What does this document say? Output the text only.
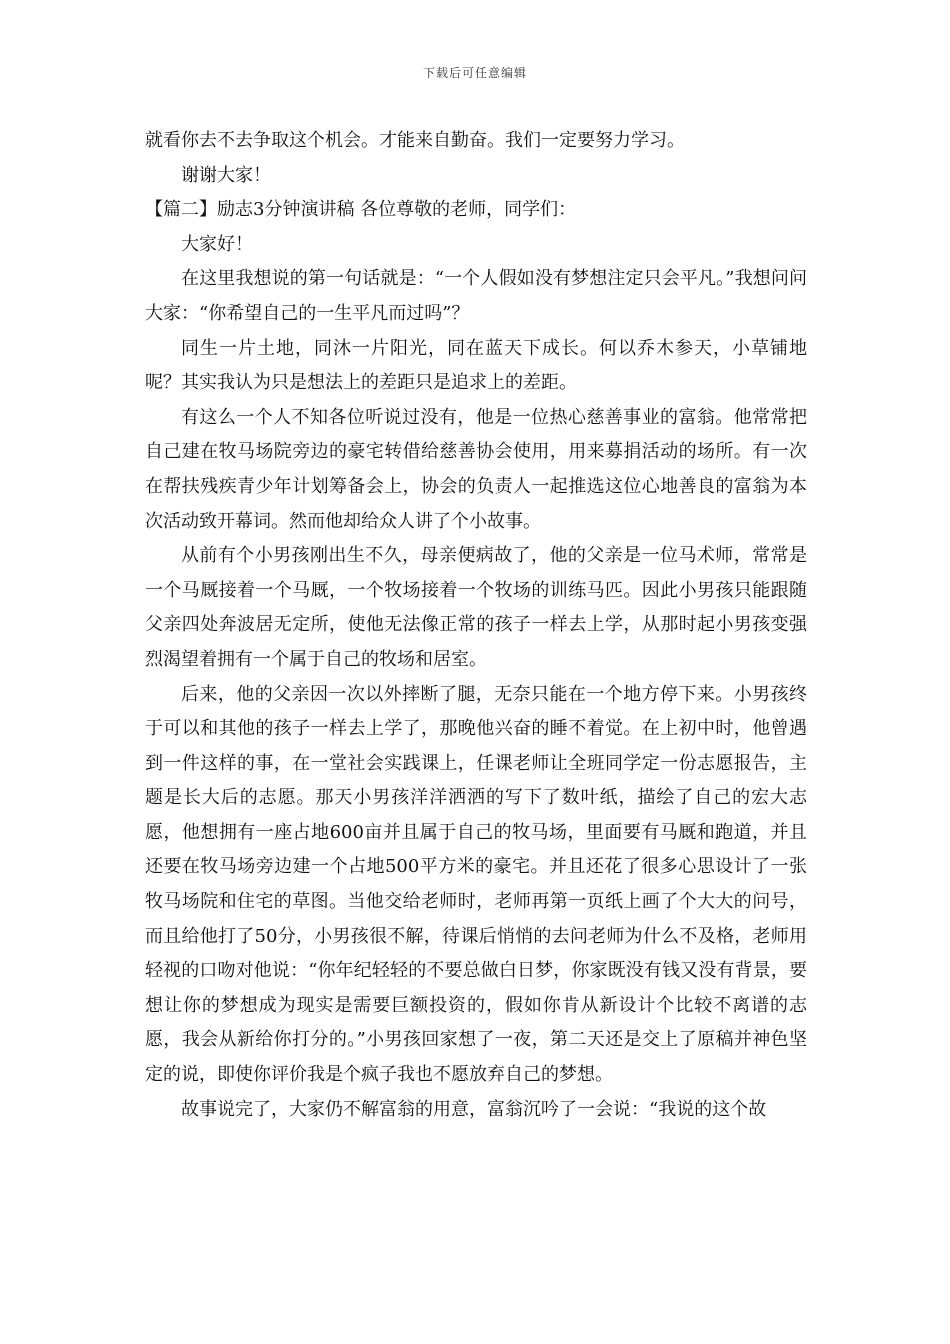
下载后可任意编辑

就看你去不去争取这个机会。才能来自勤奋。我们一定要努力学习。

谢谢大家！

【篇二】励志3分钟演讲稿 各位尊敬的老师，同学们：

大家好！

在这里我想说的第一句话就是：“一个人假如没有梦想注定只会平凡。”我想问问大家：“你希望自己的一生平凡而过吗”？

同生一片土地，同沐一片阳光，同在蓝天下成长。何以乔木参天，小草铺地呢？其实我认为只是想法上的差距只是追求上的差距。

有这么一个人不知各位听说过没有，他是一位热心慈善事业的富翁。他常常把自己建在牧马场院旁边的豪宅转借给慈善协会使用，用来募捐活动的场所。有一次在帮扶残疾青少年计划筹备会上，协会的负责人一起推选这位心地善良的富翁为本次活动致开幕词。然而他却给众人讲了个小故事。

从前有个小男孩刚出生不久，母亲便病故了，他的父亲是一位马术师，常常是一个马厩接着一个马厩，一个牧场接着一个牧场的训练马匹。因此小男孩只能跟随父亲四处奔波居无定所，使他无法像正常的孩子一样去上学，从那时起小男孩变强烈渴望着拥有一个属于自己的牧场和居室。

后来，他的父亲因一次以外摔断了腿，无奈只能在一个地方停下来。小男孩终于可以和其他的孩子一样去上学了，那晚他兴奋的睡不着觉。在上初中时，他曾遇到一件这样的事，在一堂社会实践课上，任课老师让全班同学定一份志愿报告，主题是长大后的志愿。那天小男孩洋洋洒洒的写下了数叶纸，描绘了自己的宏大志愿，他想拥有一座占地600亩并且属于自己的牧马场，里面要有马厩和跑道，并且还要在牧马场旁边建一个占地500平方米的豪宅。并且还花了很多心思设计了一张牧马场院和住宅的草图。当他交给老师时，老师再第一页纸上画了个大大的问号，而且给他打了50分，小男孩很不解，待课后悄悄的去问老师为什么不及格，老师用轻视的口吻对他说：“你年纪轻轻的不要总做白日梦，你家既没有钱又没有背景，要想让你的梦想成为现实是需要巨额投资的，假如你肯从新设计个比较不离谱的志愿，我会从新给你打分的。”小男孩回家想了一夜，第二天还是交上了原稿并神色坚定的说，即使你评价我是个疯子我也不愿放弃自己的梦想。

故事说完了，大家仍不解富翁的用意，富翁沉吟了一会说：“我说的这个故
